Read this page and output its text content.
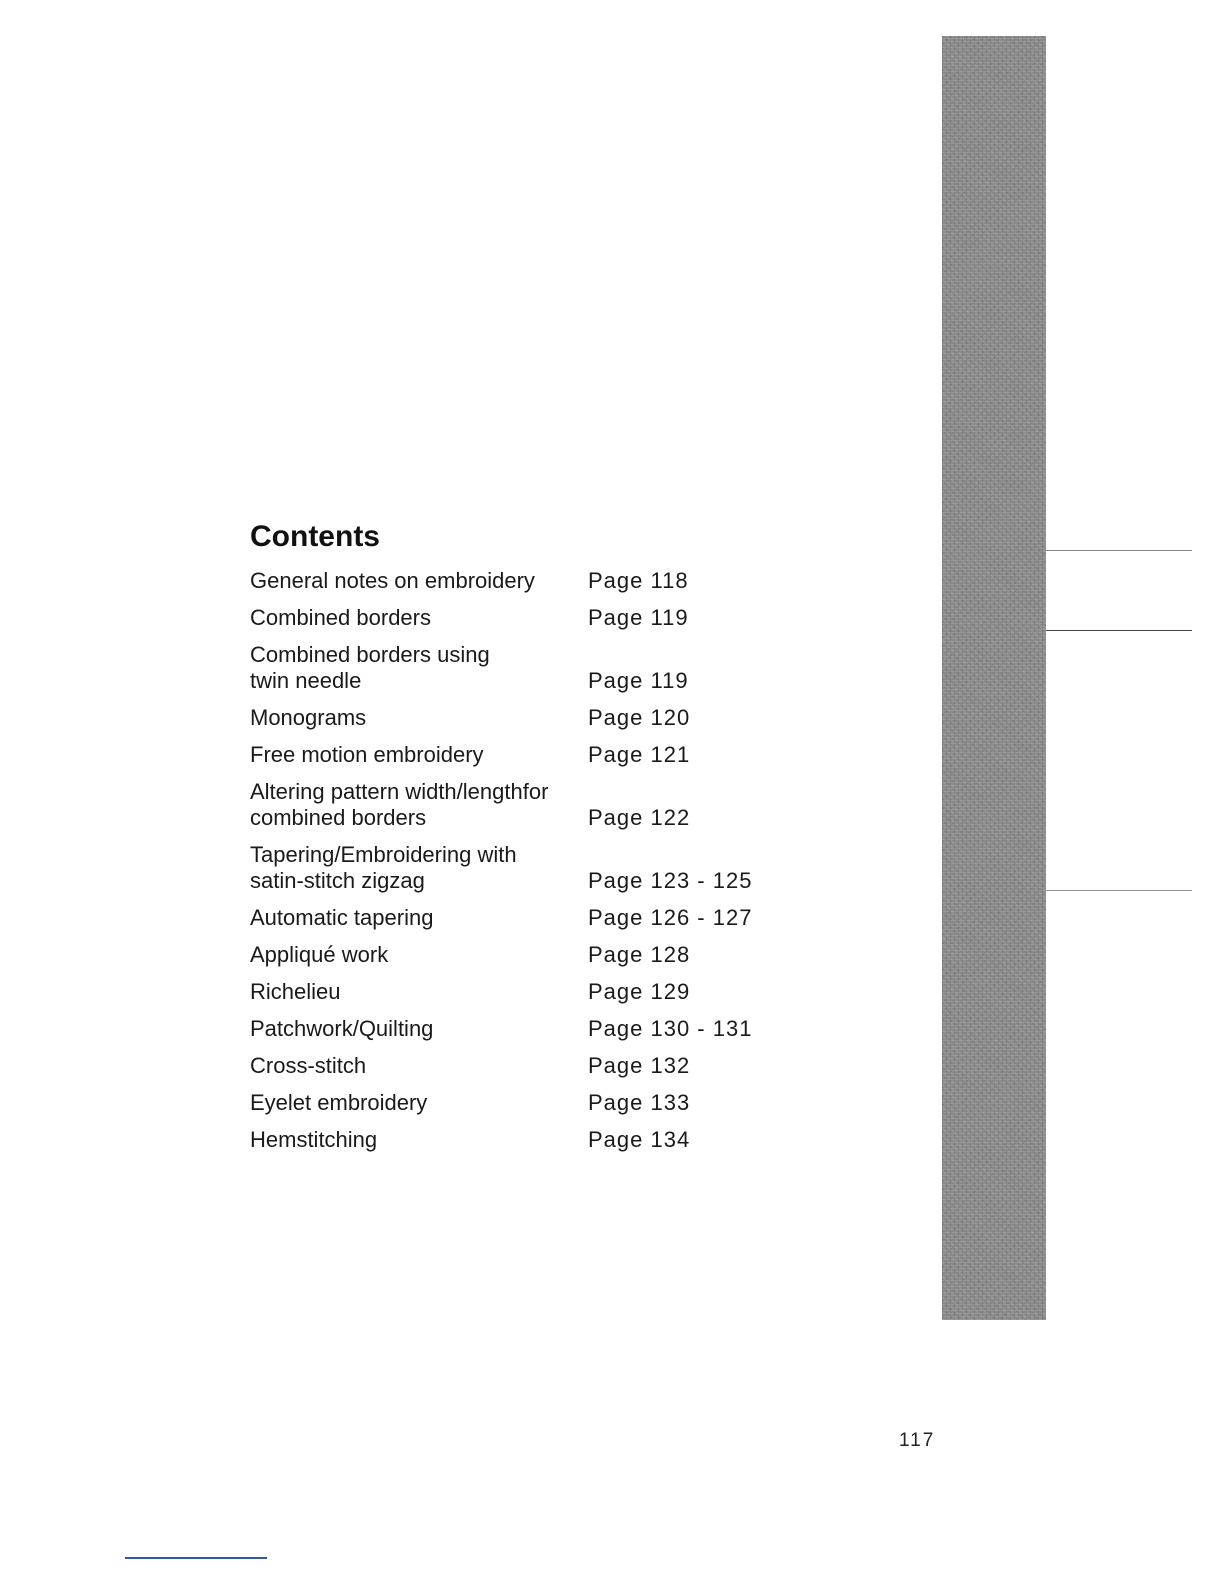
Contents
General notes on embroidery	Page 118
Combined borders	Page 119
Combined borders using
twin needle	Page 119
Monograms	Page 120
Free motion embroidery	Page 121
Altering pattern width/lengthfor
combined borders	Page 122
Tapering/Embroidering with
satin-stitch zigzag	Page 123 - 125
Automatic tapering	Page 126 - 127
Appliqué work	Page 128
Richelieu	Page 129
Patchwork/Quilting	Page 130 - 131
Cross-stitch	Page 132
Eyelet embroidery	Page 133
Hemstitching	Page 134
117
